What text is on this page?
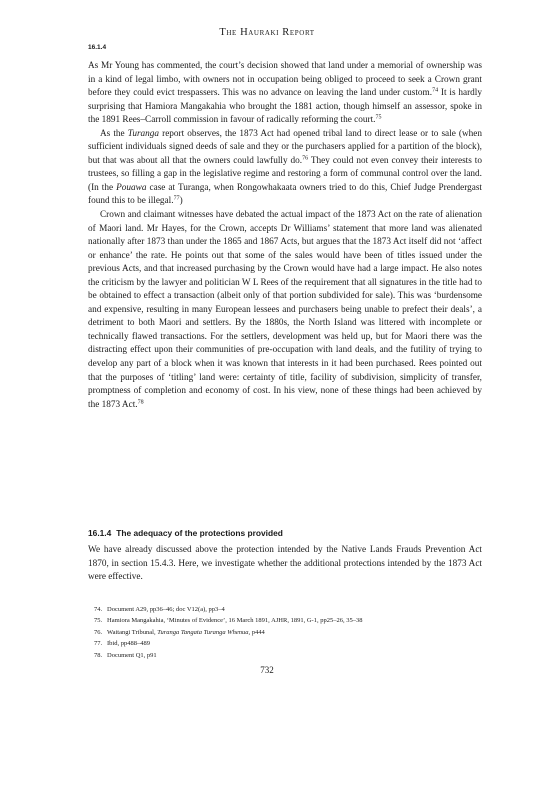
The Hauraki Report
16.1.4

As Mr Young has commented, the court’s decision showed that land under a memorial of ownership was in a kind of legal limbo, with owners not in occupation being obliged to proceed to seek a Crown grant before they could evict trespassers. This was no advance on leaving the land under custom.$^{74}$ It is hardly surprising that Hamiora Mangakahia who brought the 1881 action, though himself an assessor, spoke in the 1891 Rees–Carroll commission in favour of radically reforming the court.$^{75}$

As the Turanga report observes, the 1873 Act had opened tribal land to direct lease or to sale (when sufficient individuals signed deeds of sale and they or the purchasers applied for a partition of the block), but that was about all that the owners could lawfully do.$^{76}$ They could not even convey their interests to trustees, so filling a gap in the legislative regime and restoring a form of communal control over the land. (In the Pouawa case at Turanga, when Rongowhakaata owners tried to do this, Chief Judge Prendergast found this to be illegal.$^{77}$)

Crown and claimant witnesses have debated the actual impact of the 1873 Act on the rate of alienation of Maori land. Mr Hayes, for the Crown, accepts Dr Williams’ statement that more land was alienated nationally after 1873 than under the 1865 and 1867 Acts, but argues that the 1873 Act itself did not ‘affect or enhance’ the rate. He points out that some of the sales would have been of titles issued under the previous Acts, and that increased purchasing by the Crown would have had a large impact. He also notes the criticism by the lawyer and politician W L Rees of the requirement that all signatures in the title had to be obtained to effect a transaction (albeit only of that portion subdivided for sale). This was ‘burdensome and expensive, resulting in many European lessees and purchasers being unable to prefect their deals’, a detriment to both Maori and settlers. By the 1880s, the North Island was littered with incomplete or technically flawed transactions. For the settlers, development was held up, but for Maori there was the distracting effect upon their communities of pre-occupation with land deals, and the futility of trying to develop any part of a block when it was known that interests in it had been purchased. Rees pointed out that the purposes of ‘titling’ land were: certainty of title, facility of subdivision, simplicity of transfer, promptness of completion and economy of cost. In his view, none of these things had been achieved by the 1873 Act.$^{78}$

16.1.4 The adequacy of the protections provided

We have already discussed above the protection intended by the Native Lands Frauds Prevention Act 1870, in section 15.4.3. Here, we investigate whether the additional protections intended by the 1873 Act were effective.

74. Document A29, pp36–46; doc V12(a), pp3–4
75. Hamiora Mangakahia, ‘Minutes of Evidence’, 16 March 1891, AJHR, 1891, G-1, pp25–26, 35–38
76. Waitangi Tribunal, Turanga Tangata Turanga Whenua, p444
77. Ibid, pp488–489
78. Document Q1, p91
732
